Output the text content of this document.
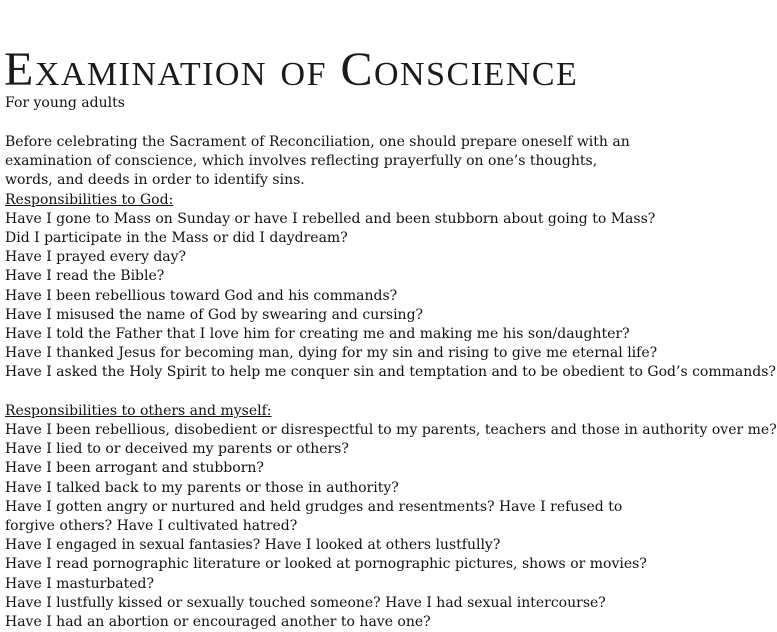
Examination of Conscience
For young adults

Before celebrating the Sacrament of Reconciliation, one should prepare oneself with an examination of conscience, which involves reflecting prayerfully on one’s thoughts, words, and deeds in order to identify sins.

Responsibilities to God:
Have I gone to Mass on Sunday or have I rebelled and been stubborn about going to Mass?
Did I participate in the Mass or did I daydream?
Have I prayed every day?
Have I read the Bible?
Have I been rebellious toward God and his commands?
Have I misused the name of God by swearing and cursing?
Have I told the Father that I love him for creating me and making me his son/daughter?
Have I thanked Jesus for becoming man, dying for my sin and rising to give me eternal life?
Have I asked the Holy Spirit to help me conquer sin and temptation and to be obedient to God’s commands?
Responsibilities to others and myself:
Have I been rebellious, disobedient or disrespectful to my parents, teachers and those in authority over me?
Have I lied to or deceived my parents or others?
Have I been arrogant and stubborn?
Have I talked back to my parents or those in authority?
Have I gotten angry or nurtured and held grudges and resentments? Have I refused to forgive others? Have I cultivated hatred?
Have I engaged in sexual fantasies? Have I looked at others lustfully?
Have I read pornographic literature or looked at pornographic pictures, shows or movies?
Have I masturbated?
Have I lustfully kissed or sexually touched someone? Have I had sexual intercourse?
Have I had an abortion or encouraged another to have one?
